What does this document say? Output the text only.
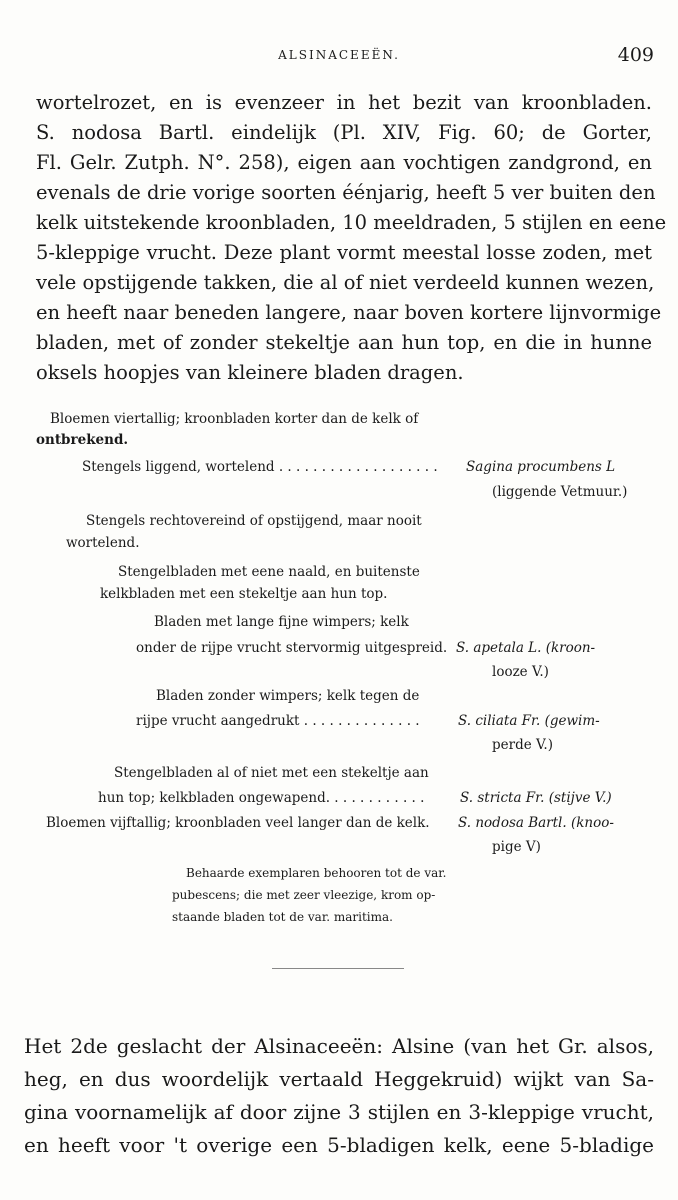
ALSINACEEËN.	409
wortelrozet, en is evenzeer in het bezit van kroonbladen.
S. nodosa Bartl. eindelijk (Pl. XIV, Fig. 60; de Gorter,
Fl. Gelr. Zutph. N°. 258), eigen aan vochtigen zandgrond, en
evenals de drie vorige soorten éénjarig, heeft 5 ver buiten den
kelk uitstekende kroonbladen, 10 meeldraden, 5 stijlen en eene
5-kleppige vrucht. Deze plant vormt meestal losse zoden, met
vele opstijgende takken, die al of niet verdeeld kunnen wezen,
en heeft naar beneden langere, naar boven kortere lijnvormige
bladen, met of zonder stekeltje aan hun top, en die in hunne
oksels hoopjes van kleinere bladen dragen.
Bloemen viertallig; kroonbladen korter dan de kelk of
ontbrekend.
Stengels liggend, wortelend . . . . . . . . . . . . . . . . . . . Sagina procumbens L
(liggende Vetmuur.)
Stengels rechtovereind of opstijgend, maar nooit
wortelend.
Stengelbladen met eene naald, en buitenste
kelkbladen met een stekeltje aan hun top.
Bladen met lange fijne wimpers; kelk
onder de rijpe vrucht stervormig uitgespreid. S. apetala L. (kroon-
looze V.)
Bladen zonder wimpers; kelk tegen de
rijpe vrucht aangedrukt . . . . . . . . . . . . . .	S. ciliata Fr. (gewim-
perde V.)
Stengelbladen al of niet met een stekeltje aan
hun top; kelkbladen ongewapend. . . . . . . . . . . .	S. stricta Fr. (stijve V.)
Bloemen vijftallig; kroonbladen veel langer dan de kelk. S. nodosa Bartl. (knoo-
pige V)
Behaarde exemplaren behooren tot de var.
pubescens; die met zeer vleezige, krom op-
staande bladen tot de var. maritima.
Het 2de geslacht der Alsinaceeën: Alsine (van het Gr. alsos,
heg, en dus woordelijk vertaald Heggekruid) wijkt van Sa-
gina voornamelijk af door zijne 3 stijlen en 3-kleppige vrucht,
en heeft voor 't overige een 5-bladigen kelk, eene 5-bladige
